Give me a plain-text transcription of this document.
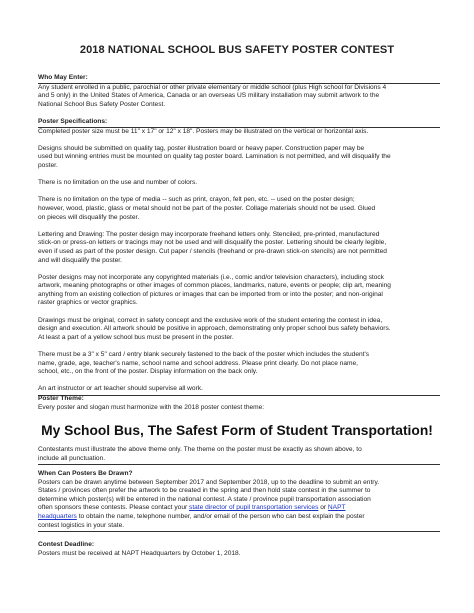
2018 NATIONAL SCHOOL BUS SAFETY POSTER CONTEST
Who May Enter:
Any student enrolled in a public, parochial or other private elementary or middle school (plus High school for Divisions 4
and 5 only) in the United States of America, Canada or an overseas US military installation may submit artwork to the
National School Bus Safety Poster Contest.
Poster Specifications:
Completed poster size must be 11" x 17" or 12" x 18". Posters may be illustrated on the vertical or horizontal axis.
Designs should be submitted on quality tag, poster illustration board or heavy paper. Construction paper may be
used but winning entries must be mounted on quality tag poster board. Lamination is not permitted, and will disqualify the
poster.
There is no limitation on the use and number of colors.
There is no limitation on the type of media -- such as print, crayon, felt pen, etc. -- used on the poster design;
however, wood, plastic, glass or metal should not be part of the poster. Collage materials should not be used. Glued
on pieces will disqualify the poster.
Lettering and Drawing: The poster design may incorporate freehand letters only. Stenciled, pre-printed, manufactured
stick-on or press-on letters or tracings may not be used and will disqualify the poster. Lettering should be clearly legible,
even if used as part of the poster design. Cut paper / stencils (freehand or pre-drawn stick-on stencils) are not permitted
and will disqualify the poster.
Poster designs may not incorporate any copyrighted materials (i.e., comic and/or television characters), including stock
artwork, meaning photographs or other images of common places, landmarks, nature, events or people; clip art, meaning
anything from an existing collection of pictures or images that can be imported from or into the poster; and non-original
raster graphics or vector graphics.
Drawings must be original, correct in safety concept and the exclusive work of the student entering the contest in idea,
design and execution. All artwork should be positive in approach, demonstrating only proper school bus safety behaviors.
At least a part of a yellow school bus must be present in the poster.
There must be a 3" x 5" card / entry blank securely fastened to the back of the poster which includes the student's
name, grade, age, teacher's name, school name and school address. Please print clearly. Do not place name,
school, etc., on the front of the poster. Display information on the back only.
An art instructor or art teacher should supervise all work.
Poster Theme:
Every poster and slogan must harmonize with the 2018 poster contest theme:
My School Bus, The Safest Form of Student Transportation!
Contestants must illustrate the above theme only. The theme on the poster must be exactly as shown above, to
include all punctuation.
When Can Posters Be Drawn?
Posters can be drawn anytime between September 2017 and September 2018, up to the deadline to submit an entry.
States / provinces often prefer the artwork to be created in the spring and then hold state contest in the summer to
determine which poster(s) will be entered in the national contest. A state / province pupil transportation association
often sponsors these contests. Please contact your state director of pupil transportation services or NAPT
headquarters to obtain the name, telephone number, and/or email of the person who can best explain the poster
contest logistics in your state.
Contest Deadline:
Posters must be received at NAPT Headquarters by October 1, 2018.
